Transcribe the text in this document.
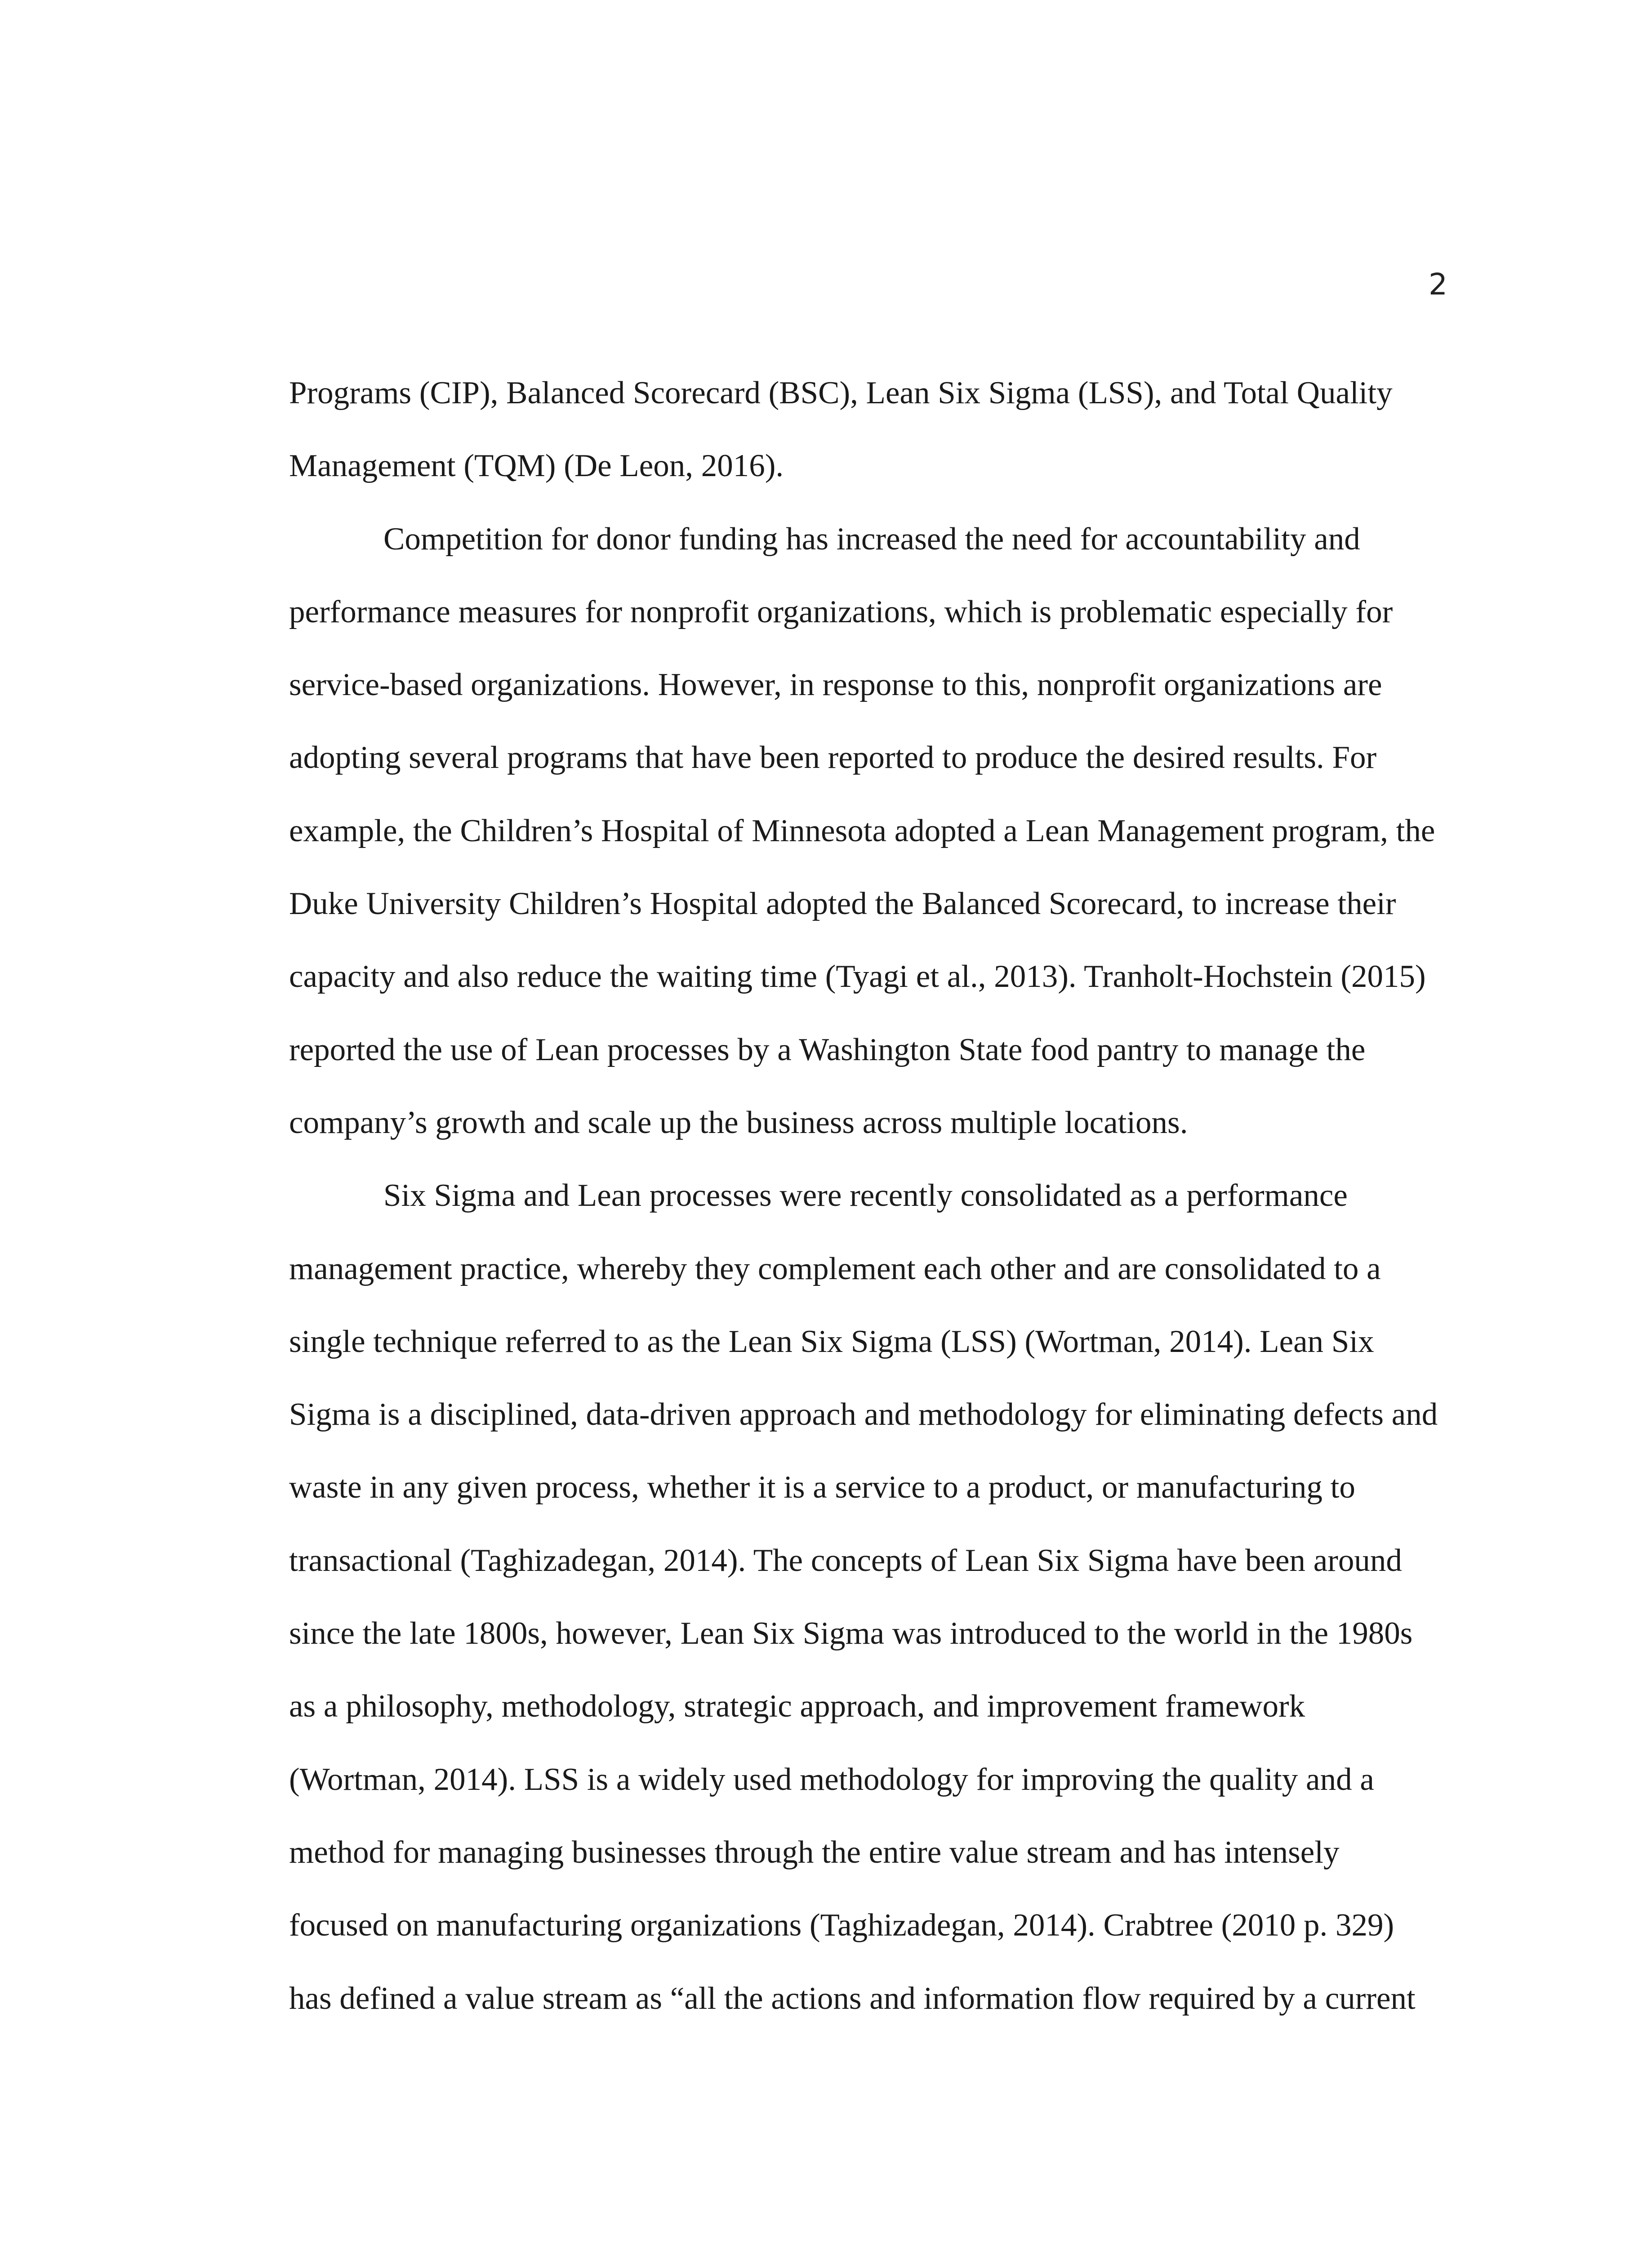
2
Programs (CIP), Balanced Scorecard (BSC), Lean Six Sigma (LSS), and Total Quality
Management (TQM) (De Leon, 2016).
Competition for donor funding has increased the need for accountability and
performance measures for nonprofit organizations, which is problematic especially for
service-based organizations. However, in response to this, nonprofit organizations are
adopting several programs that have been reported to produce the desired results. For
example, the Children’s Hospital of Minnesota adopted a Lean Management program, the
Duke University Children’s Hospital adopted the Balanced Scorecard, to increase their
capacity and also reduce the waiting time (Tyagi et al., 2013). Tranholt-Hochstein (2015)
reported the use of Lean processes by a Washington State food pantry to manage the
company’s growth and scale up the business across multiple locations.
Six Sigma and Lean processes were recently consolidated as a performance
management practice, whereby they complement each other and are consolidated to a
single technique referred to as the Lean Six Sigma (LSS) (Wortman, 2014). Lean Six
Sigma is a disciplined, data-driven approach and methodology for eliminating defects and
waste in any given process, whether it is a service to a product, or manufacturing to
transactional (Taghizadegan, 2014). The concepts of Lean Six Sigma have been around
since the late 1800s, however, Lean Six Sigma was introduced to the world in the 1980s
as a philosophy, methodology, strategic approach, and improvement framework
(Wortman, 2014). LSS is a widely used methodology for improving the quality and a
method for managing businesses through the entire value stream and has intensely
focused on manufacturing organizations (Taghizadegan, 2014). Crabtree (2010 p. 329)
has defined a value stream as “all the actions and information flow required by a current
